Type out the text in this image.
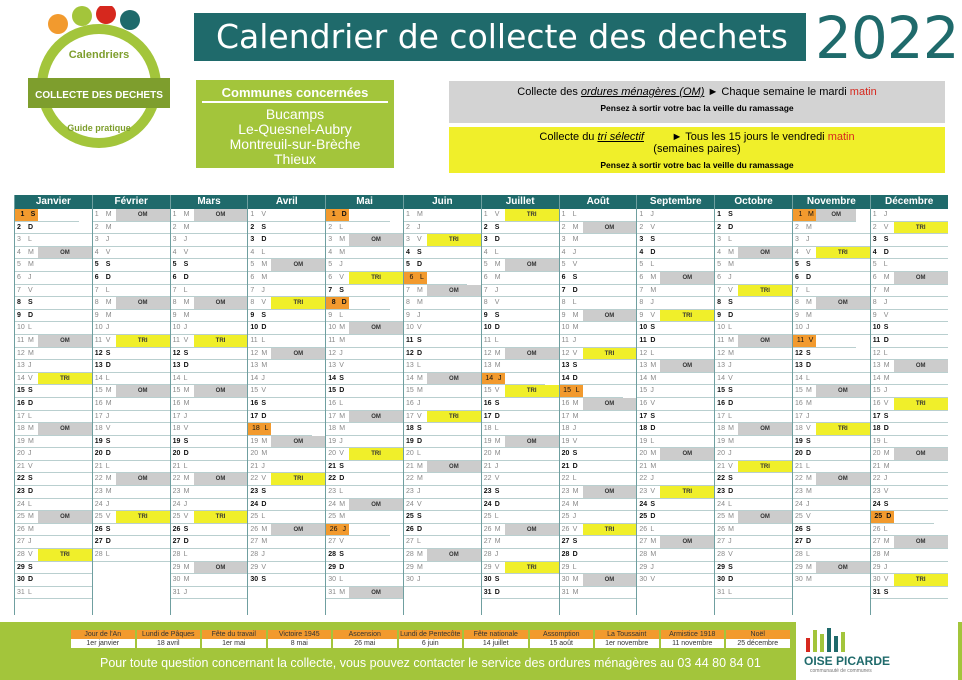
Calendriers
COLLECTE DES DECHETS
Guide pratique
Calendrier de collecte des dechets 2022
Communes concernées
Bucamps
Le-Quesnel-Aubry
Montreuil-sur-Brèche
Thieux
Collecte des ordures ménagères (OM) ► Chaque semaine le mardi matin
Pensez à sortir votre bac la veille du ramassage
Collecte du tri sélectif	► Tous les 15 jours le vendredi matin
(semaines paires)
Pensez à sortir votre bac la veille du ramassage
Janvier
1 S
2	D
3	L
4	M	OM
5	M
6	J
7	V
8	S
9	D
10 L
11 M	OM
12 M
13 J
14 V	TRI
15 S
16 D
17 L
18 M	OM
19 M
20 J
21 V
22 S
23 D
24 L
25 M	OM
26 M
27 J
28 V	TRI
29 S
30 D
31 L
Février
1	M	OM
2	M
3	J
4	V
5	S
6	D
7	L
8	M	OM
9	M
10 J
11 V	TRI
12 S
13 D
14 L
15 M	OM
16 M
17 J
18 V
19 S
20 D
21 L
22 M	OM
23 M
24 J
25 V	TRI
26 S
27 D
28 L
Mars
1	M	OM
2	M
3	J
4	V
5	S
6	D
7	L
8	M	OM
9	M
10 J
11 V	TRI
12 S
13 D
14 L
15 M	OM
16 M
17 J
18 V
19 S
20 D
21 L
22 M	OM
23 M
24 J
25 V	TRI
26 S
27 D
28 L
29 M	OM
30 M
31 J
Avril
1	V
2	S
3	D
4	L
5	M	OM
6	M
7	J
8	V	TRI
9	S
10 D
11 L
12 M	OM
13 M
14 J
15 V
16 S
17 D
18 L
19 M	OM
20 M
21 J
22 V	TRI
23 S
24 D
25 L
26 M	OM
27 M
28 J
29 V
30 S
Mai
1 D
2	L
3	M	OM
4	M
5	J
6	V	TRI
7	S
8 D
9	L
10 M	OM
11 M
12 J
13 V
14 S
15 D
16 L
17 M	OM
18 M
19 J
20 V	TRI
21 S
22 D
23 L
24 M	OM
25 M
26 J
27 V
28 S
29 D
30 L
31 M	OM
Juin
1	M
2	J
3	V	TRI
4	S
5	D
6 L
7	M	OM
8	M
9	J
10 V
11 S
12 D
13 L
14 M	OM
15 M
16 J
17 V	TRI
18 S
19 D
20 L
21 M	OM
22 M
23 J
24 V
25 S
26 D
27 L
28 M	OM
29 M
30 J
Juillet
1	V	TRI
2	S
3	D
4	L
5	M	OM
6	M
7	J
8	V
9	S
10 D
11 L
12 M	OM
13 M
14 J
15 V	TRI
16 S
17 D
18 L
19 M	OM
20 M
21 J
22 V
23 S
24 D
25 L
26 M	OM
27 M
28 J
29 V	TRI
30 S
31 D
Août
1	L
2	M	OM
3	M
4	J
5	V
6	S
7	D
8	L
9	M	OM
10 M
11 J
12 V	TRI
13 S
14 D
15 L
16 M	OM
17 M
18 J
19 V
20 S
21 D
22 L
23 M	OM
24 M
25 J
26 V	TRI
27 S
28 D
29 L
30 M	OM
31 M
Septembre
1	J
2	V
3	S
4	D
5	L
6	M	OM
7	M
8	J
9	V	TRI
10 S
11 D
12 L
13 M	OM
14 M
15 J
16 V
17 S
18 D
19 L
20 M	OM
21 M
22 J
23 V	TRI
24 S
25 D
26 L
27 M	OM
28 M
29 J
30 V
Octobre
1	S
2	D
3	L
4	M	OM
5	M
6	J
7	V	TRI
8	S
9	D
10 L
11 M	OM
12 M
13 J
14 V
15 S
16 D
17 L
18 M	OM
19 M
20 J
21 V	TRI
22 S
23 D
24 L
25 M	OM
26 M
27 J
28 V
29 S
30 D
31 L
Novembre
1 M	OM
2	M
3	J
4	V	TRI
5	S
6	D
7	L
8	M	OM
9	M
10 J
11 V
12 S
13 D
14 L
15 M	OM
16 M
17 J
18 V	TRI
19 S
20 D
21 L
22 M	OM
23 M
24 J
25 V
26 S
27 D
28 L
29 M	OM
30 M
Décembre
1	J
2	V	TRI
3	S
4	D
5	L
6	M	OM
7	M
8	J
9	V
10 S
11 D
12 L
13 M	OM
14 M
15 J
16 V	TRI
17 S
18 D
19 L
20 M	OM
21 M
22 J
23 V
24 S
25 D
26 L
27 M	OM
28 M
29 J
30 V	TRI
31 S
Jour de l'An
1er janvier
Lundi de Pâques
18 avril
Fête du travail
1er mai
Victoire 1945
8 mai
Ascension
26 mai
Lundi de Pentecôte
6 juin
Fête nationale
14 juillet
Assomption
15 août
La Toussaint
1er novembre
Armistice 1918
11 novembre
Noël
25 décembre
Pour toute question concernant la collecte, vous pouvez contacter le service des ordures ménagères au 03 44 80 84 01	OISE PICARDE
communauté de communes
